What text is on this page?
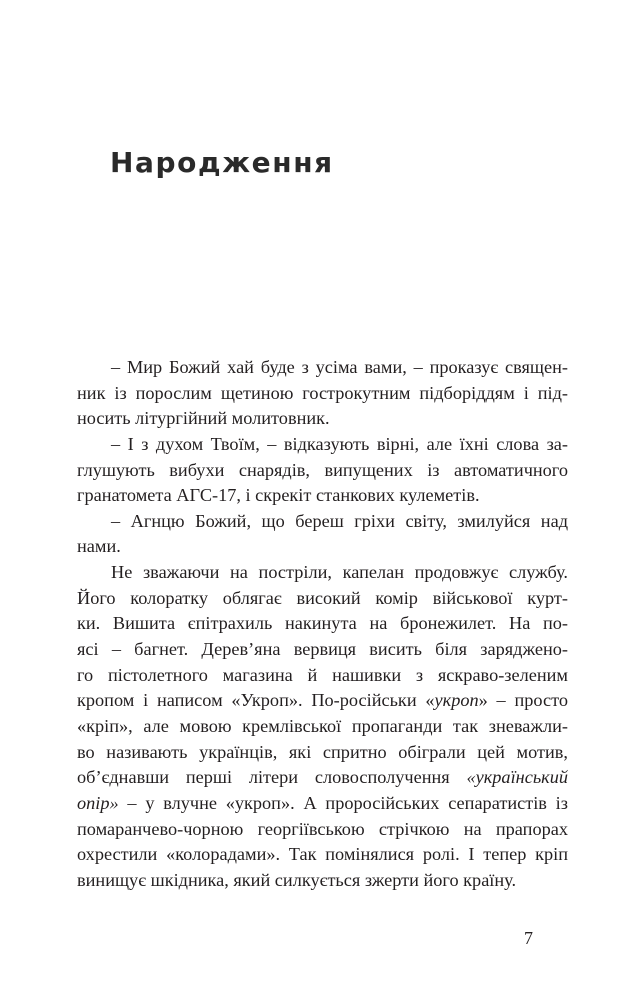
Народження
– Мир Божий хай буде з усіма вами, – проказує священ-
ник із порослим щетиною гострокутним підборіддям і під-
носить літургійний молитовник.
– І з духом Твоїм, – відказують вірні, але їхні слова за-
глушують вибухи снарядів, випущених із автоматичного
гранатомета АГС-17, і скрекіт станкових кулеметів.
– Агнцю Божий, що береш гріхи світу, змилуйся над
нами.
Не зважаючи на постріли, капелан продовжує службу.
Його колоратку облягає високий комір військової курт-
ки. Вишита єпітрахиль накинута на бронежилет. На по-
ясі – багнет. Дерев’яна вервиця висить біля заряджено-
го пістолетного магазина й нашивки з яскраво-зеленим
кропом і написом «Укроп». По-російськи «укроп» – просто
«кріп», але мовою кремлівської пропаганди так зневажли-
во називають українців, які спритно обіграли цей мотив,
об’єднавши перші літери словосполучення «український
опір» – у влучне «укроп». А проросійських сепаратистів із
помаранчево-чорною георгіївською стрічкою на прапорах
охрестили «колорадами». Так помінялися ролі. І тепер кріп
винищує шкідника, який силкується зжерти його країну.
7
